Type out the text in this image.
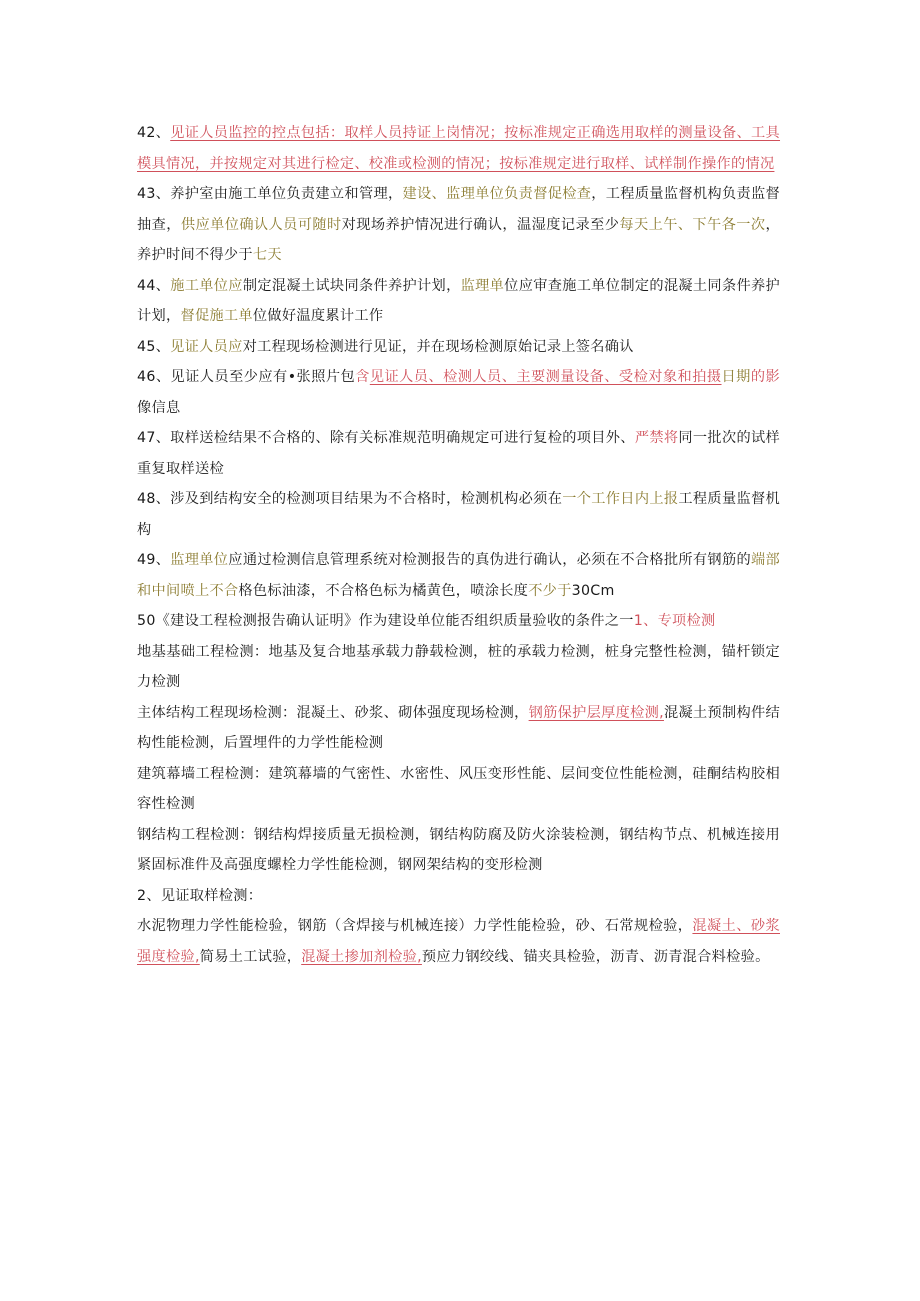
42、见证人员监控的控点包括：取样人员持证上岗情况；按标准规定正确选用取样的测量设备、工具模具情况，并按规定对其进行检定、校准或检测的情况；按标准规定进行取样、试样制作操作的情况

43、养护室由施工单位负责建立和管理，建设、监理单位负责督促检查，工程质量监督机构负责监督抽查，供应单位确认人员可随时对现场养护情况进行确认，温湿度记录至少每天上午、下午各一次，养护时间不得少于七天

44、施工单位应制定混凝土试块同条件养护计划，监理单位应审查施工单位制定的混凝土同条件养护计划，督促施工单位做好温度累计工作

45、见证人员应对工程现场检测进行见证，并在现场检测原始记录上签名确认

46、见证人员至少应有•张照片包含见证人员、检测人员、主要测量设备、受检对象和拍摄日期的影像信息

47、取样送检结果不合格的、除有关标准规范明确规定可进行复检的项目外、严禁将同一批次的试样重复取样送检

48、涉及到结构安全的检测项目结果为不合格时，检测机构必须在一个工作日内上报工程质量监督机构

49、监理单位应通过检测信息管理系统对检测报告的真伪进行确认，必须在不合格批所有钢筋的端部和中间喷上不合格色标油漆，不合格色标为橘黄色，喷涂长度不少于30Cm

50《建设工程检测报告确认证明》作为建设单位能否组织质量验收的条件之一1、专项检测

地基基础工程检测：地基及复合地基承载力静载检测，桩的承载力检测，桩身完整性检测，锚杆锁定力检测

主体结构工程现场检测：混凝土、砂浆、砌体强度现场检测，钢筋保护层厚度检测,混凝土预制构件结构性能检测，后置埋件的力学性能检测

建筑幕墙工程检测：建筑幕墙的气密性、水密性、风压变形性能、层间变位性能检测，硅酮结构胶相容性检测

钢结构工程检测：钢结构焊接质量无损检测，钢结构防腐及防火涂装检测，钢结构节点、机械连接用紧固标准件及高强度螺栓力学性能检测，钢网架结构的变形检测

2、见证取样检测：

水泥物理力学性能检验，钢筋（含焊接与机械连接）力学性能检验，砂、石常规检验，混凝土、砂浆强度检验,简易土工试验，混凝土掺加剂检验,预应力钢绞线、锚夹具检验，沥青、沥青混合料检验。
